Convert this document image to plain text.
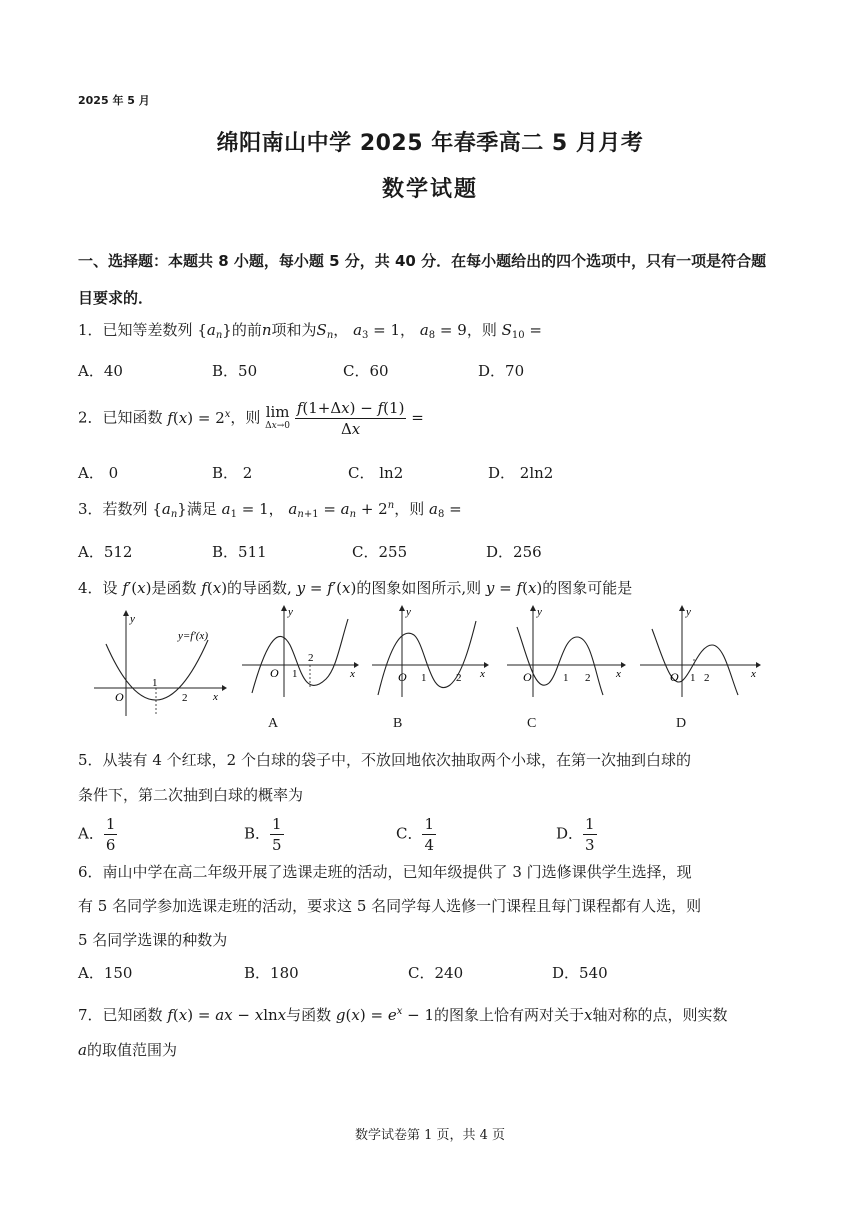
2025 年 5 月
绵阳南山中学 2025 年春季高二 5 月月考
数学试题
一、选择题：本题共 8 小题，每小题 5 分，共 40 分．在每小题给出的四个选项中，只有一项是符合题目要求的．
1．已知等差数列 $\{a_n\}$的前n项和为$S_n$， $a_3 = 1$， $a_8 = 9$，则 $S_{10}$ =
A．40	B．50	C．60	D．70
2．已知函数 $f(x) = 2^x$，则 lim
Δx→0
$\frac{f(1+\Delta x) - f(1)}{\Delta x}$ =
A． 0	B． 2	C． ln2	D． 2ln2
3．若数列 $\{a_n\}$满足 $a_1 = 1$， $a_{n+1} = a_n + 2^n$，则 $a_8$ =
A．512	B．511	C．255	D．256
4．设 f′(x)是函数 f(x)的导函数, y = f′(x)的图象如图所示,则 y = f(x)的图象可能是
y
O
1
2 x
y=f′(x)
y
O 1
2
x
A
y
O 1	2 x
B
y
O	1 2 x
C
y
O 1 2	x
D
5．从装有 4 个红球，2 个白球的袋子中，不放回地依次抽取两个小球，在第一次抽到白球的
条件下，第二次抽到白球的概率为
A． $\frac{1}{6}$	B． $\frac{1}{5}$	C． $\frac{1}{4}$	D． $\frac{1}{3}$
6．南山中学在高二年级开展了选课走班的活动，已知年级提供了 3 门选修课供学生选择，现
有 5 名同学参加选课走班的活动，要求这 5 名同学每人选修一门课程且每门课程都有人选，则
5 名同学选课的种数为
A．150	B．180	C．240	D．540
7．已知函数 f(x) = ax − xlnx与函数 $g(x) = e^x - 1$的图象上恰有两对关于x轴对称的点，则实数
a的取值范围为
数学试卷第 1 页，共 4 页
